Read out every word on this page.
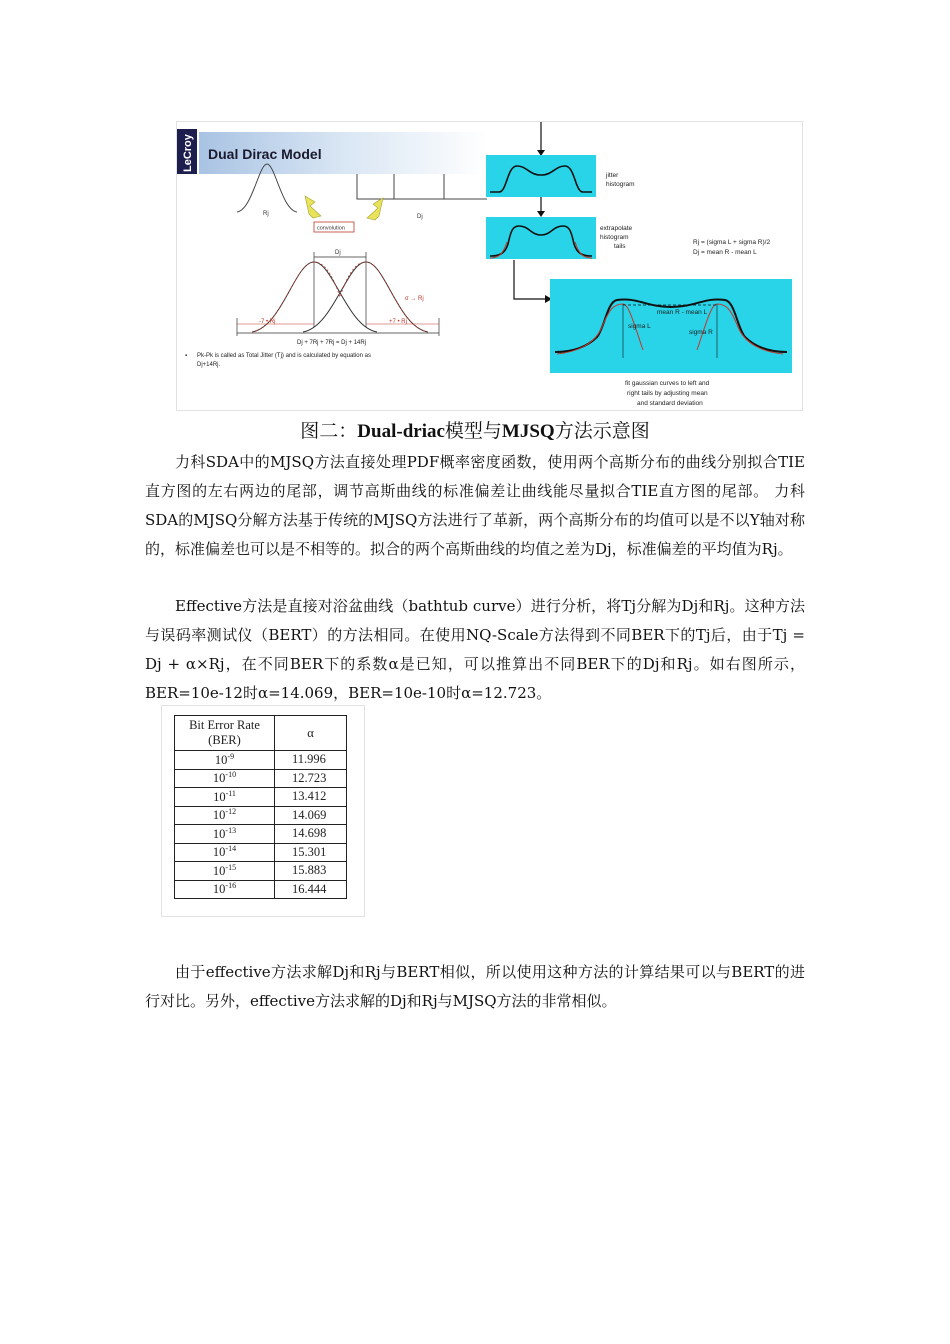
LeCroy Dual Dirac Model
Rj	Dj
convolution
Dj
σ → Rj
-7 • Rj	+7 • Rj
Dj + 7Rj + 7Rj = Dj + 14Rj
▪ Pk-Pk is called as Total Jitter (Tj) and is calculated by equation as
Dj+14Rj.
jitter
histogram
extrapolate
histogram
tails
Rj = (sigma L + sigma R)/2
Dj = mean R - mean L
mean R - mean L
sigma L
sigma R
fit gaussian curves to left and
right tails by adjusting mean
and standard deviation
图二：Dual-driac模型与MJSQ方法示意图

力科SDA中的MJSQ方法直接处理PDF概率密度函数，使用两个高斯分布的曲线分别拟合TIE直方图的左右两边的尾部，调节高斯曲线的标准偏差让曲线能尽量拟合TIE直方图的尾部。 力科SDA的MJSQ分解方法基于传统的MJSQ方法进行了革新，两个高斯分布的均值可以是不以Y轴对称的，标准偏差也可以是不相等的。拟合的两个高斯曲线的均值之差为Dj，标准偏差的平均值为Rj。

Effective方法是直接对浴盆曲线（bathtub curve）进行分析，将Tj分解为Dj和Rj。这种方法与误码率测试仪（BERT）的方法相同。在使用NQ-Scale方法得到不同BER下的Tj后，由于Tj = Dj + α×Rj，在不同BER下的系数α是已知，可以推算出不同BER下的Dj和Rj。如右图所示，BER=10e-12时α=14.069，BER=10e-10时α=12.723。

Bit Error Rate
(BER)	α
$10^{-9}$	11.996
$10^{-10}$	12.723
$10^{-11}$	13.412
$10^{-12}$	14.069
$10^{-13}$	14.698
$10^{-14}$	15.301
$10^{-15}$	15.883
$10^{-16}$	16.444

由于effective方法求解Dj和Rj与BERT相似，所以使用这种方法的计算结果可以与BERT的进行对比。另外，effective方法求解的Dj和Rj与MJSQ方法的非常相似。
